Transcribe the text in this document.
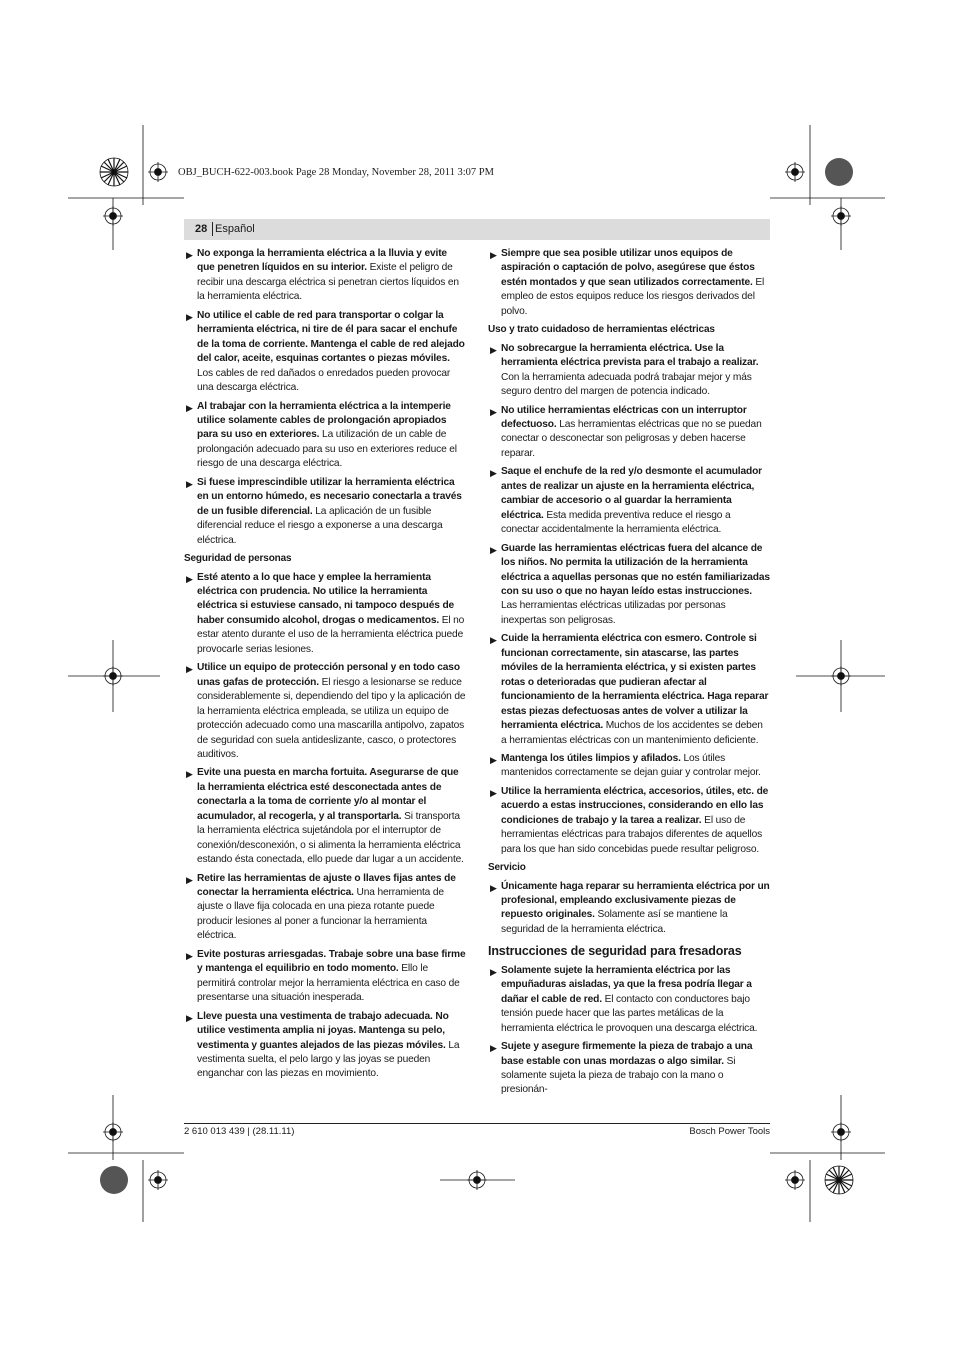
OBJ_BUCH-622-003.book Page 28 Monday, November 28, 2011 3:07 PM
28 Español
▶ No exponga la herramienta eléctrica a la lluvia y evite que penetren líquidos en su interior. Existe el peligro de recibir una descarga eléctrica si penetran ciertos líquidos en la herramienta eléctrica.
▶ No utilice el cable de red para transportar o colgar la herramienta eléctrica, ni tire de él para sacar el enchufe de la toma de corriente. Mantenga el cable de red alejado del calor, aceite, esquinas cortantes o piezas móviles. Los cables de red dañados o enredados pueden provocar una descarga eléctrica.
▶ Al trabajar con la herramienta eléctrica a la intemperie utilice solamente cables de prolongación apropiados para su uso en exteriores. La utilización de un cable de prolongación adecuado para su uso en exteriores reduce el riesgo de una descarga eléctrica.
▶ Si fuese imprescindible utilizar la herramienta eléctrica en un entorno húmedo, es necesario conectarla a través de un fusible diferencial. La aplicación de un fusible diferencial reduce el riesgo a exponerse a una descarga eléctrica.
Seguridad de personas
▶ Esté atento a lo que hace y emplee la herramienta eléctrica con prudencia. No utilice la herramienta eléctrica si estuviese cansado, ni tampoco después de haber consumido alcohol, drogas o medicamentos. El no estar atento durante el uso de la herramienta eléctrica puede provocarle serias lesiones.
▶ Utilice un equipo de protección personal y en todo caso unas gafas de protección. El riesgo a lesionarse se reduce considerablemente si, dependiendo del tipo y la aplicación de la herramienta eléctrica empleada, se utiliza un equipo de protección adecuado como una mascarilla antipolvo, zapatos de seguridad con suela antideslizante, casco, o protectores auditivos.
▶ Evite una puesta en marcha fortuita. Asegurarse de que la herramienta eléctrica esté desconectada antes de conectarla a la toma de corriente y/o al montar el acumulador, al recogerla, y al transportarla. Si transporta la herramienta eléctrica sujetándola por el interruptor de conexión/desconexión, o si alimenta la herramienta eléctrica estando ésta conectada, ello puede dar lugar a un accidente.
▶ Retire las herramientas de ajuste o llaves fijas antes de conectar la herramienta eléctrica. Una herramienta de ajuste o llave fija colocada en una pieza rotante puede producir lesiones al poner a funcionar la herramienta eléctrica.
▶ Evite posturas arriesgadas. Trabaje sobre una base firme y mantenga el equilibrio en todo momento. Ello le permitirá controlar mejor la herramienta eléctrica en caso de presentarse una situación inesperada.
▶ Lleve puesta una vestimenta de trabajo adecuada. No utilice vestimenta amplia ni joyas. Mantenga su pelo, vestimenta y guantes alejados de las piezas móviles. La vestimenta suelta, el pelo largo y las joyas se pueden enganchar con las piezas en movimiento.
▶ Siempre que sea posible utilizar unos equipos de aspiración o captación de polvo, asegúrese que éstos estén montados y que sean utilizados correctamente. El empleo de estos equipos reduce los riesgos derivados del polvo.
Uso y trato cuidadoso de herramientas eléctricas
▶ No sobrecargue la herramienta eléctrica. Use la herramienta eléctrica prevista para el trabajo a realizar. Con la herramienta adecuada podrá trabajar mejor y más seguro dentro del margen de potencia indicado.
▶ No utilice herramientas eléctricas con un interruptor defectuoso. Las herramientas eléctricas que no se puedan conectar o desconectar son peligrosas y deben hacerse reparar.
▶ Saque el enchufe de la red y/o desmonte el acumulador antes de realizar un ajuste en la herramienta eléctrica, cambiar de accesorio o al guardar la herramienta eléctrica. Esta medida preventiva reduce el riesgo a conectar accidentalmente la herramienta eléctrica.
▶ Guarde las herramientas eléctricas fuera del alcance de los niños. No permita la utilización de la herramienta eléctrica a aquellas personas que no estén familiarizadas con su uso o que no hayan leído estas instrucciones. Las herramientas eléctricas utilizadas por personas inexpertas son peligrosas.
▶ Cuide la herramienta eléctrica con esmero. Controle si funcionan correctamente, sin atascarse, las partes móviles de la herramienta eléctrica, y si existen partes rotas o deterioradas que pudieran afectar al funcionamiento de la herramienta eléctrica. Haga reparar estas piezas defectuosas antes de volver a utilizar la herramienta eléctrica. Muchos de los accidentes se deben a herramientas eléctricas con un mantenimiento deficiente.
▶ Mantenga los útiles limpios y afilados. Los útiles mantenidos correctamente se dejan guiar y controlar mejor.
▶ Utilice la herramienta eléctrica, accesorios, útiles, etc. de acuerdo a estas instrucciones, considerando en ello las condiciones de trabajo y la tarea a realizar. El uso de herramientas eléctricas para trabajos diferentes de aquellos para los que han sido concebidas puede resultar peligroso.
Servicio
▶ Únicamente haga reparar su herramienta eléctrica por un profesional, empleando exclusivamente piezas de repuesto originales. Solamente así se mantiene la seguridad de la herramienta eléctrica.
Instrucciones de seguridad para fresadoras
▶ Solamente sujete la herramienta eléctrica por las empuñaduras aisladas, ya que la fresa podría llegar a dañar el cable de red. El contacto con conductores bajo tensión puede hacer que las partes metálicas de la herramienta eléctrica le provoquen una descarga eléctrica.
▶ Sujete y asegure firmemente la pieza de trabajo a una base estable con unas mordazas o algo similar. Si solamente sujeta la pieza de trabajo con la mano o presionán-
2 610 013 439 | (28.11.11)	Bosch Power Tools
